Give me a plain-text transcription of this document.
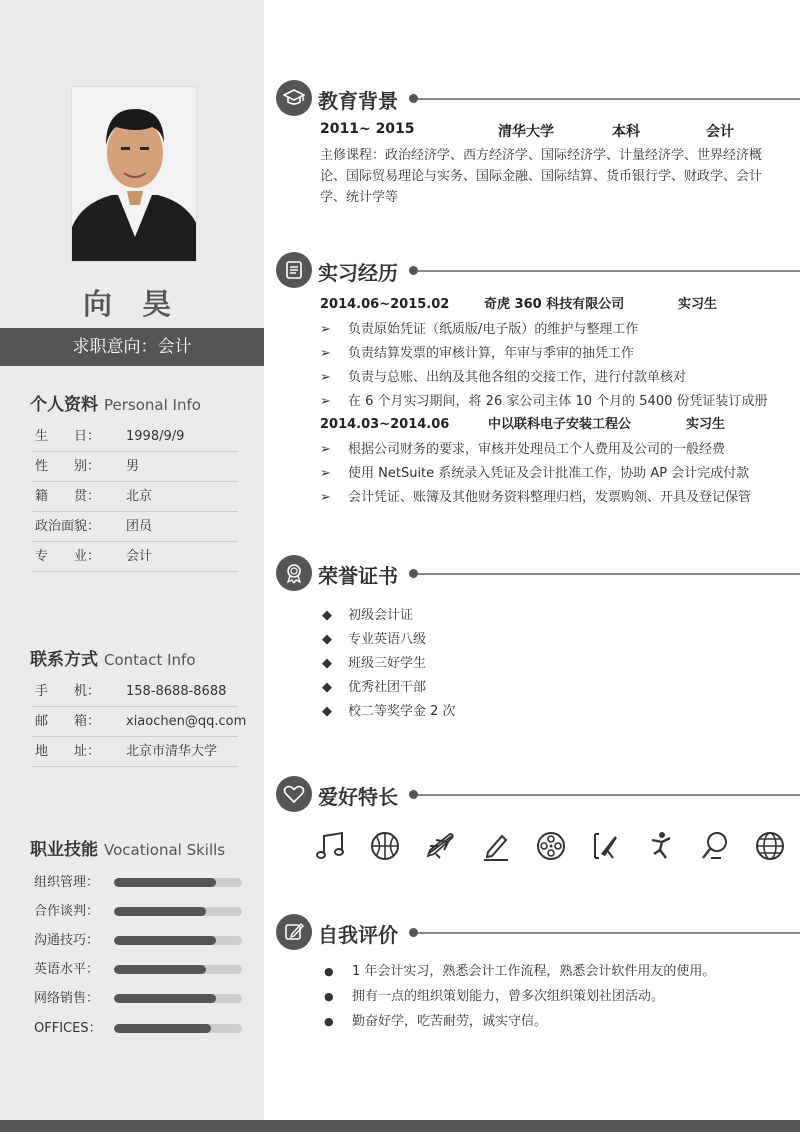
向 昊
求职意向：会计
个人资料 Personal Info
生　　日：	1998/9/9
性　　别：	男
籍　　贯：	北京
政治面貌：	团员
专　　业：	会计
联系方式 Contact Info
手　　机：	158-8688-8688
邮　　箱：	xiaochen@qq.com
地　　址：	北京市清华大学
职业技能 Vocational Skills
组织管理：
合作谈判：
沟通技巧：
英语水平：
网络销售：
OFFICES：
教育背景
2011~ 2015	清华大学	本科	会计
主修课程：政治经济学、西方经济学、国际经济学、计量经济学、世界经济概论、国际贸易理论与实务、国际金融、国际结算、货币银行学、财政学、会计学、统计学等
实习经历
2014.06~2015.02	奇虎 360 科技有限公司	实习生
➢ 负责原始凭证（纸质版/电子版）的维护与整理工作
➢ 负责结算发票的审核计算，年审与季审的抽凭工作
➢ 负责与总账、出纳及其他各组的交接工作，进行付款单核对
➢ 在 6 个月实习期间，将 26 家公司主体 10 个月的 5400 份凭证装订成册
2014.03~2014.06	中以联科电子安装工程公	实习生
➢ 根据公司财务的要求，审核并处理员工个人费用及公司的一般经费
➢ 使用 NetSuite 系统录入凭证及会计批准工作，协助 AP 会计完成付款
➢ 会计凭证、账簿及其他财务资料整理归档，发票购领、开具及登记保管
荣誉证书
◆ 初级会计证
◆ 专业英语八级
◆ 班级三好学生
◆ 优秀社团干部
◆ 校二等奖学金 2 次
爱好特长
自我评价
● 1 年会计实习，熟悉会计工作流程，熟悉会计软件用友的使用。
● 拥有一点的组织策划能力，曾多次组织策划社团活动。
● 勤奋好学，吃苦耐劳，诚实守信。
